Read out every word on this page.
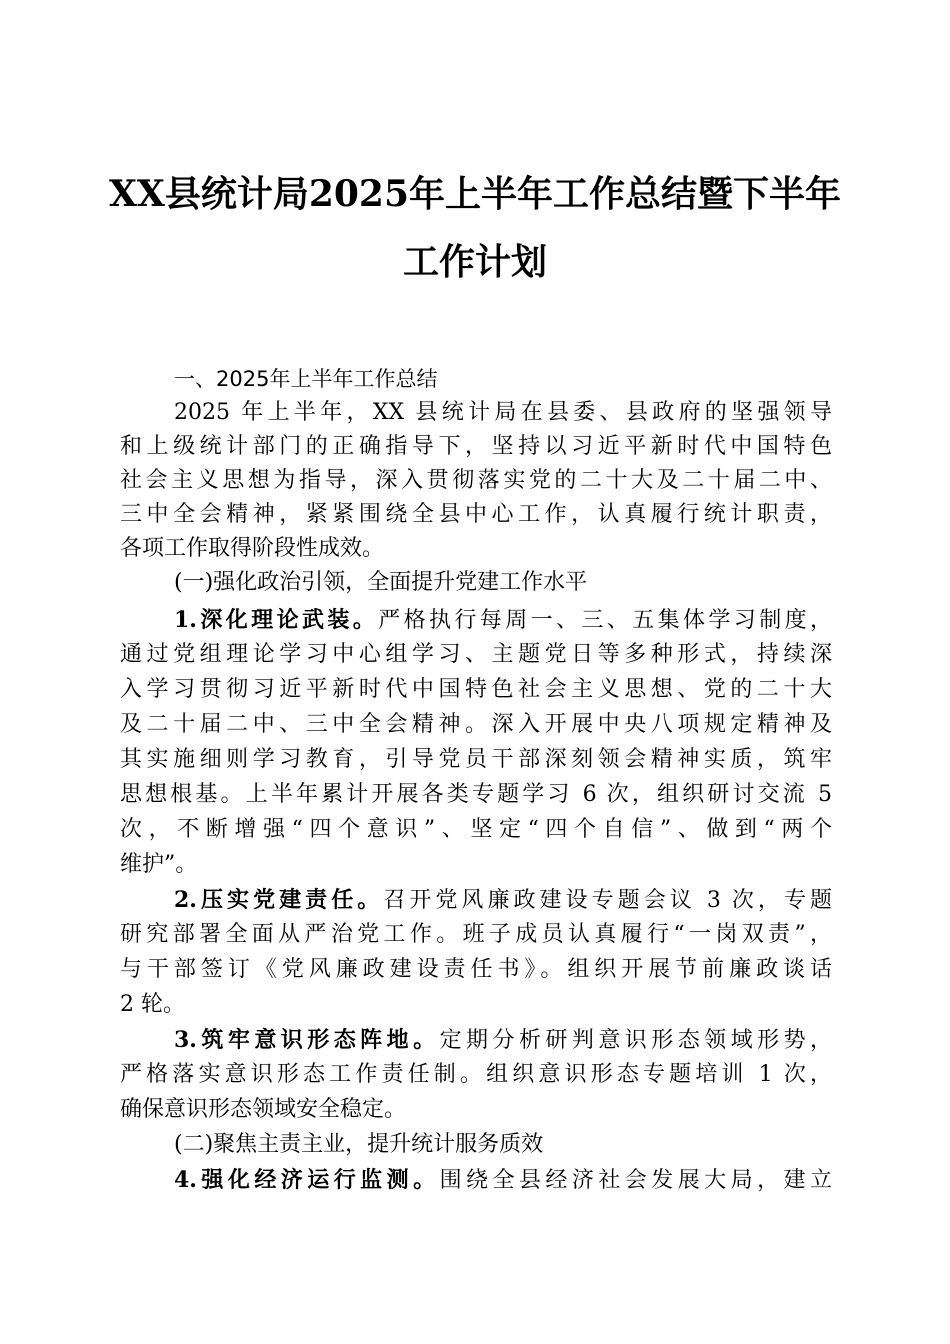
XX县统计局2025年上半年工作总结暨下半年
工作计划
一、2025年上半年工作总结
2025 年上半年，XX 县统计局在县委、县政府的坚强领导
和上级统计部门的正确指导下，坚持以习近平新时代中国特色
社会主义思想为指导，深入贯彻落实党的二十大及二十届二中、
三中全会精神，紧紧围绕全县中心工作，认真履行统计职责，
各项工作取得阶段性成效。
(一)强化政治引领，全面提升党建工作水平
1.深化理论武装。严格执行每周一、三、五集体学习制度，
通过党组理论学习中心组学习、主题党日等多种形式，持续深
入学习贯彻习近平新时代中国特色社会主义思想、党的二十大
及二十届二中、三中全会精神。深入开展中央八项规定精神及
其实施细则学习教育，引导党员干部深刻领会精神实质，筑牢
思想根基。上半年累计开展各类专题学习 6 次，组织研讨交流 5
次，不断增强“四个意识”、坚定“四个自信”、做到“两个
维护”。
2.压实党建责任。召开党风廉政建设专题会议 3 次，专题
研究部署全面从严治党工作。班子成员认真履行“一岗双责”，
与干部签订《党风廉政建设责任书》。组织开展节前廉政谈话
2 轮。
3.筑牢意识形态阵地。定期分析研判意识形态领域形势，
严格落实意识形态工作责任制。组织意识形态专题培训 1 次，
确保意识形态领域安全稳定。
(二)聚焦主责主业，提升统计服务质效
4.强化经济运行监测。围绕全县经济社会发展大局，建立
